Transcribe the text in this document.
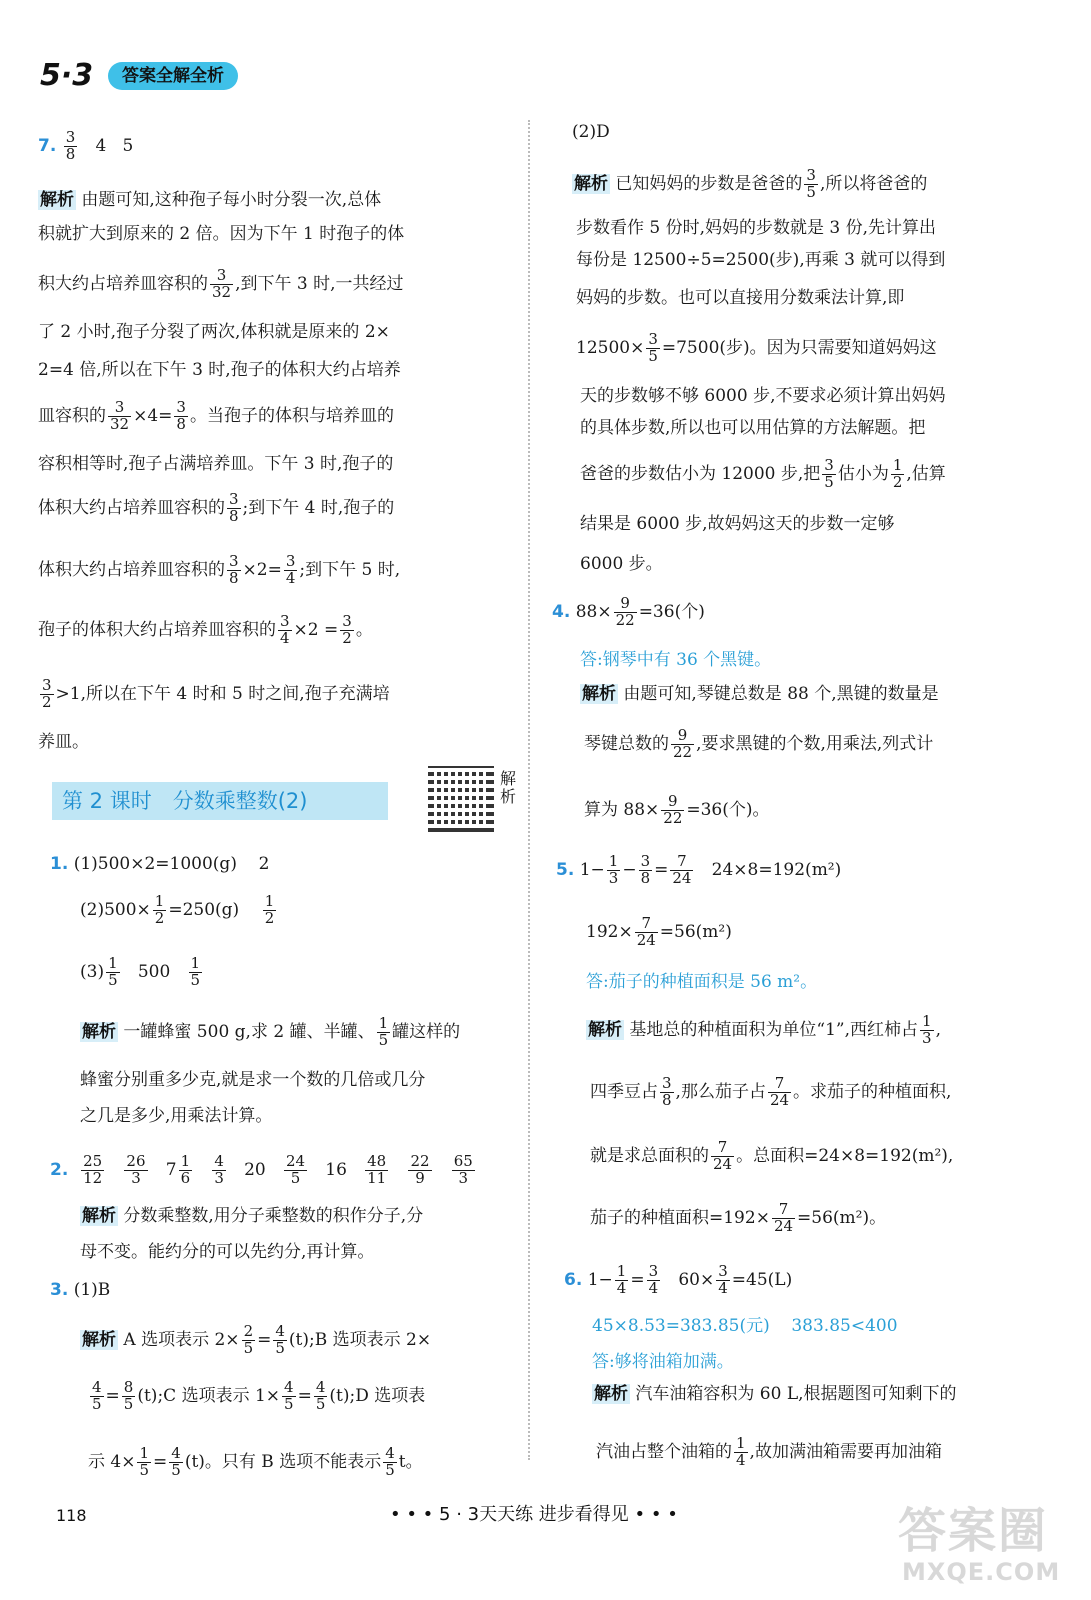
5·3	答案全解全析
7. $\frac{3}{8} 4$ 5
解析 由题可知,这种孢子每小时分裂一次,总体
积就扩大到原来的 2 倍。因为下午 1 时孢子的体
积大约占培养皿容积的 $\frac{3}{32}$ ,到下午 3 时,一共经过
了 2 小时,孢子分裂了两次,体积就是原来的 2×
2=4 倍,所以在下午 3 时,孢子的体积大约占培养
皿容积的 $\frac{3}{32} \times 4= \frac{3}{8}$ 。当孢子的体积与培养皿的
容积相等时,孢子占满培养皿。下午 3 时,孢子的
体积大约占培养皿容积的 $\frac{3}{8}$ ;到下午 4 时,孢子的
体积大约占培养皿容积的 $\frac{3}{8} \times 2= \frac{3}{4}$ ;到下午 5 时,
孢子的体积大约占培养皿容积的 $\frac{3}{4} \times 2 = \frac{3}{2}$ 。
$\frac{3}{2} >1$,所以在下午 4 时和 5 时之间,孢子充满培
养皿。
第 2 课时　分数乘整数(2)
解析
1. (1)500×2=1000(g) 2
$(2)500\times \frac{1}{2} =250(g) \frac{1}{2}$
$(3) \frac{1}{5} 500 \frac{1}{5}$
解析 一罐蜂蜜 500 g,求 2 罐、半罐、 $\frac{1}{5}$ 罐这样的
蜂蜜分别重多少克,就是求一个数的几倍或几分
之几是多少,用乘法计算。
2. $\frac{25}{12}$
$\frac{26}{3} 7 \frac{1}{6}$
$\frac{4}{3} 20 \frac{24}{5} 16 \frac{48}{11}$
$\frac{22}{9}$
$\frac{65}{3}$
解析 分数乘整数,用分子乘整数的积作分子,分
母不变。能约分的可以先约分,再计算。
3. (1)B
解析 A 选项表示 $2\times \frac{2}{5} = \frac{4}{5}$ (t);B 选项表示 2×
$\frac{4}{5} = \frac{8}{5}$ (t);C 选项表示 $1\times \frac{4}{5} = \frac{4}{5}$ (t);D 选项表
示 $4\times \frac{1}{5} = \frac{4}{5} (t)$。只有 B 选项不能表示 $\frac{4}{5}$ t。
(2)D
解析 已知妈妈的步数是爸爸的 $\frac{3}{5}$ ,所以将爸爸的
步数看作 5 份时,妈妈的步数就是 3 份,先计算出
每份是 12500÷5=2500(步),再乘 3 就可以得到
妈妈的步数。也可以直接用分数乘法计算,即
$12500\times \frac{3}{5} =7500$(步)。因为只需要知道妈妈这
天的步数够不够 6000 步,不要求必须计算出妈妈
的具体步数,所以也可以用估算的方法解题。把
爸爸的步数估小为 12000 步,把 $\frac{3}{5}$ 估小为 $\frac{1}{2}$ ,估算
结果是 6000 步,故妈妈这天的步数一定够
6000 步。
4. $88\times \frac{9}{22} =36$(个)
答:钢琴中有 36 个黑键。
解析 由题可知,琴键总数是 88 个,黑键的数量是
琴键总数的 $\frac{9}{22}$ ,要求黑键的个数,用乘法,列式计
算为 $88\times \frac{9}{22} =36$(个)。
5. $1- \frac{1}{3} - \frac{3}{8} = \frac{7}{24} 24\times 8=192(m^2)$
$192\times \frac{7}{24} =56(m^2)$
答:茄子的种植面积是 56 m²。
解析 基地总的种植面积为单位“1”,西红柿占 $\frac{1}{3}$ ,
四季豆占 $\frac{3}{8}$ ,那么茄子占 $\frac{7}{24}$ 。求茄子的种植面积,
就是求总面积的 $\frac{7}{24}$ 。总面积=24×8=192(m²),
茄子的种植面积$=192\times \frac{7}{24} =56(m^2)$。
6. $1- \frac{1}{4} = \frac{3}{4} 60\times \frac{3}{4} =45(L)$
45×8.53=383.85(元) 383.85<400
答:够将油箱加满。
解析 汽车油箱容积为 60 L,根据题图可知剩下的
汽油占整个油箱的 $\frac{1}{4}$ ,故加满油箱需要再加油箱
118	• • • 5 · 3天天练 进步看得见 • • •	答案圈
MXQE.COM
